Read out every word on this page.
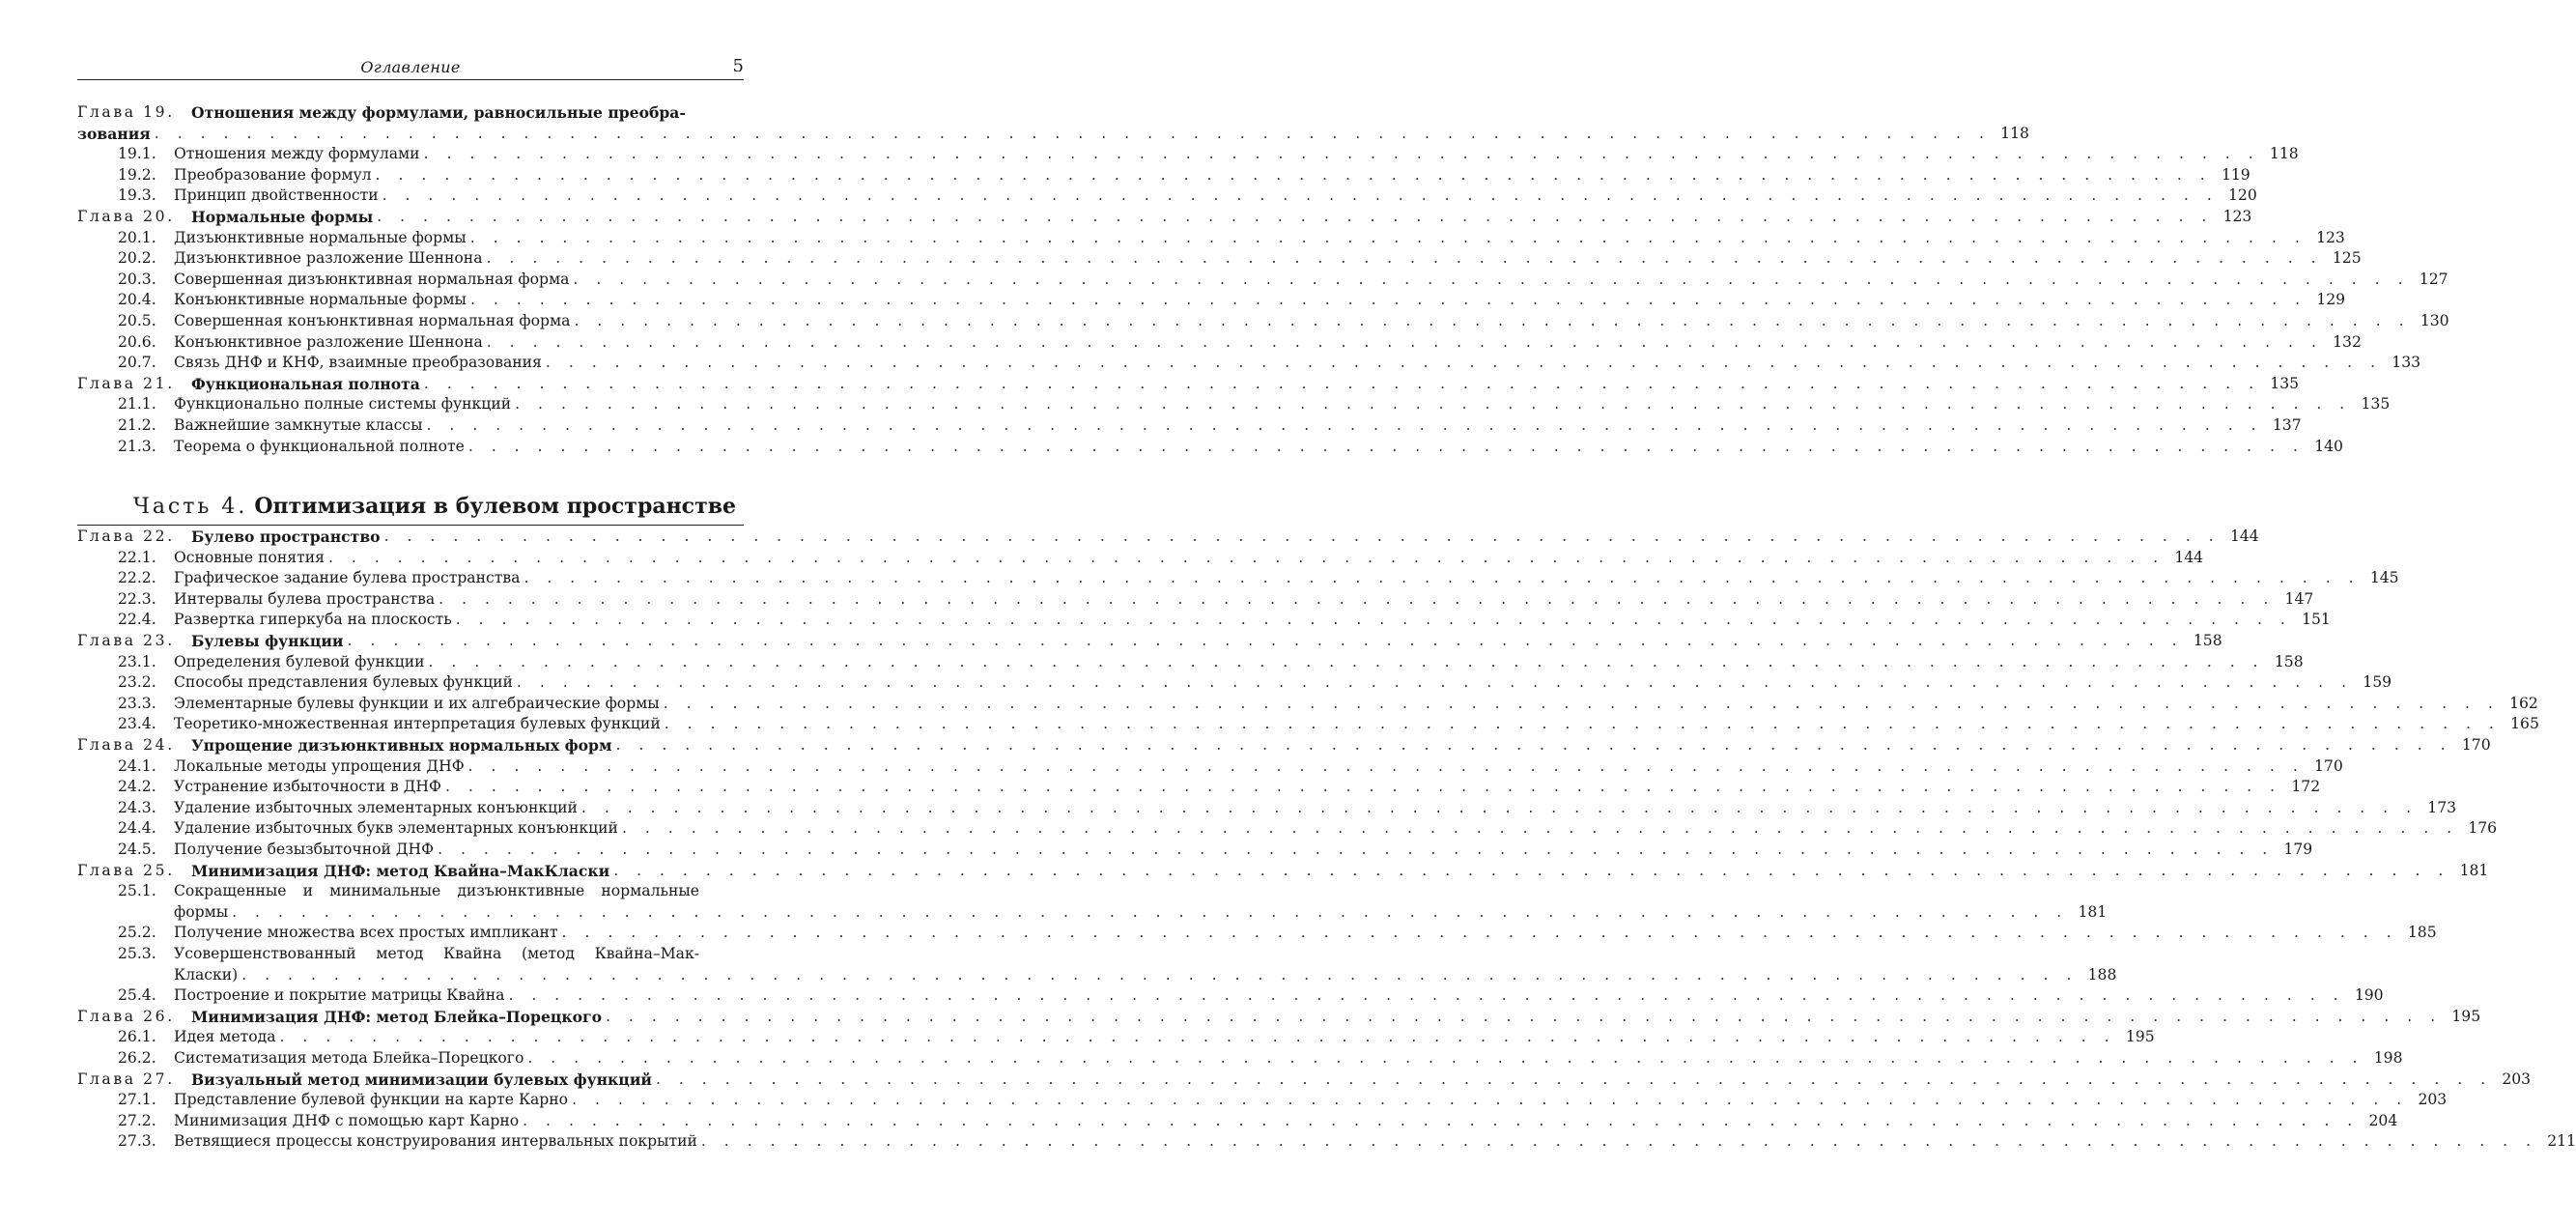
Оглавление	5
Глава 19.	Отношения между формулами, равносильные преобра-
зования . . . . . . . . . . . . . . . . . . . . . . . . . . . . . . . . . . . . . . . . . . . . . . . . . . . . . . . . . . . . . . . . . . . . . . . . . . . . . . . . 118
19.1.	Отношения между формулами . . . . . . . . . . . . . . . . . . . . . . . . . . . . . . . . . . . . . . . . . . . . . . . . . . . . . . . . . . . . . . . . . . . . . . . . . . . . . . . . 118
19.2.	Преобразование формул . . . . . . . . . . . . . . . . . . . . . . . . . . . . . . . . . . . . . . . . . . . . . . . . . . . . . . . . . . . . . . . . . . . . . . . . . . . . . . . . 119
19.3.	Принцип двойственности . . . . . . . . . . . . . . . . . . . . . . . . . . . . . . . . . . . . . . . . . . . . . . . . . . . . . . . . . . . . . . . . . . . . . . . . . . . . . . . . 120
Глава 20.	Нормальные формы . . . . . . . . . . . . . . . . . . . . . . . . . . . . . . . . . . . . . . . . . . . . . . . . . . . . . . . . . . . . . . . . . . . . . . . . . . . . . . . . 123
20.1.	Дизъюнктивные нормальные формы . . . . . . . . . . . . . . . . . . . . . . . . . . . . . . . . . . . . . . . . . . . . . . . . . . . . . . . . . . . . . . . . . . . . . . . . . . . . . . . . 123
20.2.	Дизъюнктивное разложение Шеннона . . . . . . . . . . . . . . . . . . . . . . . . . . . . . . . . . . . . . . . . . . . . . . . . . . . . . . . . . . . . . . . . . . . . . . . . . . . . . . . . 125
20.3.	Совершенная дизъюнктивная нормальная форма . . . . . . . . . . . . . . . . . . . . . . . . . . . . . . . . . . . . . . . . . . . . . . . . . . . . . . . . . . . . . . . . . . . . . . . . . . . . . . . . 127
20.4.	Конъюнктивные нормальные формы . . . . . . . . . . . . . . . . . . . . . . . . . . . . . . . . . . . . . . . . . . . . . . . . . . . . . . . . . . . . . . . . . . . . . . . . . . . . . . . . 129
20.5.	Совершенная конъюнктивная нормальная форма . . . . . . . . . . . . . . . . . . . . . . . . . . . . . . . . . . . . . . . . . . . . . . . . . . . . . . . . . . . . . . . . . . . . . . . . . . . . . . . . 130
20.6.	Конъюнктивное разложение Шеннона . . . . . . . . . . . . . . . . . . . . . . . . . . . . . . . . . . . . . . . . . . . . . . . . . . . . . . . . . . . . . . . . . . . . . . . . . . . . . . . . 132
20.7.	Связь ДНФ и КНФ, взаимные преобразования . . . . . . . . . . . . . . . . . . . . . . . . . . . . . . . . . . . . . . . . . . . . . . . . . . . . . . . . . . . . . . . . . . . . . . . . . . . . . . . . 133
Глава 21.	Функциональная полнота . . . . . . . . . . . . . . . . . . . . . . . . . . . . . . . . . . . . . . . . . . . . . . . . . . . . . . . . . . . . . . . . . . . . . . . . . . . . . . . . 135
21.1.	Функционально полные системы функций . . . . . . . . . . . . . . . . . . . . . . . . . . . . . . . . . . . . . . . . . . . . . . . . . . . . . . . . . . . . . . . . . . . . . . . . . . . . . . . . 135
21.2.	Важнейшие замкнутые классы . . . . . . . . . . . . . . . . . . . . . . . . . . . . . . . . . . . . . . . . . . . . . . . . . . . . . . . . . . . . . . . . . . . . . . . . . . . . . . . . 137
21.3.	Теорема о функциональной полноте . . . . . . . . . . . . . . . . . . . . . . . . . . . . . . . . . . . . . . . . . . . . . . . . . . . . . . . . . . . . . . . . . . . . . . . . . . . . . . . . 140
Часть 4. Оптимизация в булевом пространстве
Глава 22.	Булево пространство . . . . . . . . . . . . . . . . . . . . . . . . . . . . . . . . . . . . . . . . . . . . . . . . . . . . . . . . . . . . . . . . . . . . . . . . . . . . . . . . 144
22.1.	Основные понятия . . . . . . . . . . . . . . . . . . . . . . . . . . . . . . . . . . . . . . . . . . . . . . . . . . . . . . . . . . . . . . . . . . . . . . . . . . . . . . . . 144
22.2.	Графическое задание булева пространства . . . . . . . . . . . . . . . . . . . . . . . . . . . . . . . . . . . . . . . . . . . . . . . . . . . . . . . . . . . . . . . . . . . . . . . . . . . . . . . . 145
22.3.	Интервалы булева пространства . . . . . . . . . . . . . . . . . . . . . . . . . . . . . . . . . . . . . . . . . . . . . . . . . . . . . . . . . . . . . . . . . . . . . . . . . . . . . . . . 147
22.4.	Развертка гиперкуба на плоскость . . . . . . . . . . . . . . . . . . . . . . . . . . . . . . . . . . . . . . . . . . . . . . . . . . . . . . . . . . . . . . . . . . . . . . . . . . . . . . . . 151
Глава 23.	Булевы функции . . . . . . . . . . . . . . . . . . . . . . . . . . . . . . . . . . . . . . . . . . . . . . . . . . . . . . . . . . . . . . . . . . . . . . . . . . . . . . . . 158
23.1.	Определения булевой функции . . . . . . . . . . . . . . . . . . . . . . . . . . . . . . . . . . . . . . . . . . . . . . . . . . . . . . . . . . . . . . . . . . . . . . . . . . . . . . . . 158
23.2.	Способы представления булевых функций . . . . . . . . . . . . . . . . . . . . . . . . . . . . . . . . . . . . . . . . . . . . . . . . . . . . . . . . . . . . . . . . . . . . . . . . . . . . . . . . 159
23.3.	Элементарные булевы функции и их алгебраические формы . . . . . . . . . . . . . . . . . . . . . . . . . . . . . . . . . . . . . . . . . . . . . . . . . . . . . . . . . . . . . . . . . . . . . . . . . . . . . . . . 162
23.4.	Теоретико-множественная интерпретация булевых функций . . . . . . . . . . . . . . . . . . . . . . . . . . . . . . . . . . . . . . . . . . . . . . . . . . . . . . . . . . . . . . . . . . . . . . . . . . . . . . . . 165
Глава 24.	Упрощение дизъюнктивных нормальных форм . . . . . . . . . . . . . . . . . . . . . . . . . . . . . . . . . . . . . . . . . . . . . . . . . . . . . . . . . . . . . . . . . . . . . . . . . . . . . . . . 170
24.1.	Локальные методы упрощения ДНФ . . . . . . . . . . . . . . . . . . . . . . . . . . . . . . . . . . . . . . . . . . . . . . . . . . . . . . . . . . . . . . . . . . . . . . . . . . . . . . . . 170
24.2.	Устранение избыточности в ДНФ . . . . . . . . . . . . . . . . . . . . . . . . . . . . . . . . . . . . . . . . . . . . . . . . . . . . . . . . . . . . . . . . . . . . . . . . . . . . . . . . 172
24.3.	Удаление избыточных элементарных конъюнкций . . . . . . . . . . . . . . . . . . . . . . . . . . . . . . . . . . . . . . . . . . . . . . . . . . . . . . . . . . . . . . . . . . . . . . . . . . . . . . . . 173
24.4.	Удаление избыточных букв элементарных конъюнкций . . . . . . . . . . . . . . . . . . . . . . . . . . . . . . . . . . . . . . . . . . . . . . . . . . . . . . . . . . . . . . . . . . . . . . . . . . . . . . . . 176
24.5.	Получение безызбыточной ДНФ . . . . . . . . . . . . . . . . . . . . . . . . . . . . . . . . . . . . . . . . . . . . . . . . . . . . . . . . . . . . . . . . . . . . . . . . . . . . . . . . 179
Глава 25.	Минимизация ДНФ: метод Квайна–МакКласки . . . . . . . . . . . . . . . . . . . . . . . . . . . . . . . . . . . . . . . . . . . . . . . . . . . . . . . . . . . . . . . . . . . . . . . . . . . . . . . . 181
25.1.	Сокращенные и минимальные дизъюнктивные нормальные
формы . . . . . . . . . . . . . . . . . . . . . . . . . . . . . . . . . . . . . . . . . . . . . . . . . . . . . . . . . . . . . . . . . . . . . . . . . . . . . . . . 181
25.2.	Получение множества всех простых импликант . . . . . . . . . . . . . . . . . . . . . . . . . . . . . . . . . . . . . . . . . . . . . . . . . . . . . . . . . . . . . . . . . . . . . . . . . . . . . . . . 185
25.3.	Усовершенствованный метод Квайна (метод Квайна–Мак-
Класки) . . . . . . . . . . . . . . . . . . . . . . . . . . . . . . . . . . . . . . . . . . . . . . . . . . . . . . . . . . . . . . . . . . . . . . . . . . . . . . . . 188
25.4.	Построение и покрытие матрицы Квайна . . . . . . . . . . . . . . . . . . . . . . . . . . . . . . . . . . . . . . . . . . . . . . . . . . . . . . . . . . . . . . . . . . . . . . . . . . . . . . . . 190
Глава 26.	Минимизация ДНФ: метод Блейка–Порецкого . . . . . . . . . . . . . . . . . . . . . . . . . . . . . . . . . . . . . . . . . . . . . . . . . . . . . . . . . . . . . . . . . . . . . . . . . . . . . . . . 195
26.1.	Идея метода . . . . . . . . . . . . . . . . . . . . . . . . . . . . . . . . . . . . . . . . . . . . . . . . . . . . . . . . . . . . . . . . . . . . . . . . . . . . . . . . 195
26.2.	Систематизация метода Блейка–Порецкого . . . . . . . . . . . . . . . . . . . . . . . . . . . . . . . . . . . . . . . . . . . . . . . . . . . . . . . . . . . . . . . . . . . . . . . . . . . . . . . . 198
Глава 27.	Визуальный метод минимизации булевых функций . . . . . . . . . . . . . . . . . . . . . . . . . . . . . . . . . . . . . . . . . . . . . . . . . . . . . . . . . . . . . . . . . . . . . . . . . . . . . . . . 203
27.1.	Представление булевой функции на карте Карно . . . . . . . . . . . . . . . . . . . . . . . . . . . . . . . . . . . . . . . . . . . . . . . . . . . . . . . . . . . . . . . . . . . . . . . . . . . . . . . . 203
27.2.	Минимизация ДНФ с помощью карт Карно . . . . . . . . . . . . . . . . . . . . . . . . . . . . . . . . . . . . . . . . . . . . . . . . . . . . . . . . . . . . . . . . . . . . . . . . . . . . . . . . 204
27.3.	Ветвящиеся процессы конструирования интервальных покрытий . . . . . . . . . . . . . . . . . . . . . . . . . . . . . . . . . . . . . . . . . . . . . . . . . . . . . . . . . . . . . . . . . . . . . . . . . . . . . . . . 211
